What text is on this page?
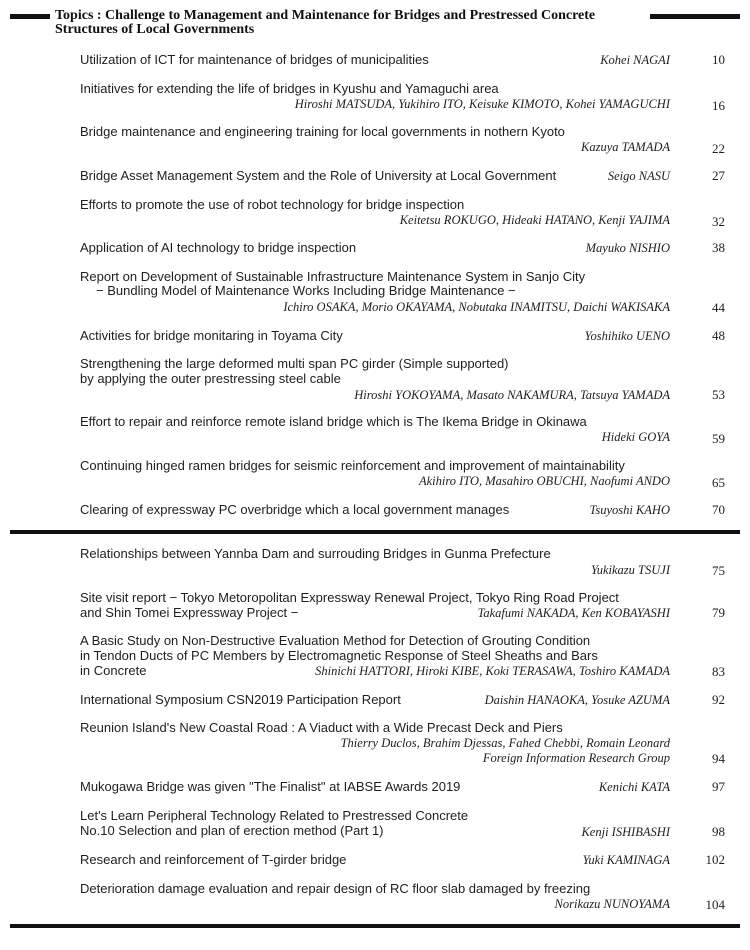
Topics : Challenge to Management and Maintenance for Bridges and Prestressed Concrete
Structures of Local Governments
Utilization of ICT for maintenance of bridges of municipalities	Kohei NAGAI	10
Initiatives for extending the life of bridges in Kyushu and Yamaguchi area
Hiroshi MATSUDA, Yukihiro ITO, Keisuke KIMOTO, Kohei YAMAGUCHI	16
Bridge maintenance and engineering training for local governments in nothern Kyoto
Kazuya TAMADA	22
Bridge Asset Management System and the Role of University at Local Government	Seigo NASU	27
Efforts to promote the use of robot technology for bridge inspection
Keitetsu ROKUGO, Hideaki HATANO, Kenji YAJIMA	32
Application of AI technology to bridge inspection	Mayuko NISHIO	38
Report on Development of Sustainable Infrastructure Maintenance System in Sanjo City
− Bundling Model of Maintenance Works Including Bridge Maintenance −
Ichiro OSAKA, Morio OKAYAMA, Nobutaka INAMITSU, Daichi WAKISAKA	44
Activities for bridge monitaring in Toyama City	Yoshihiko UENO	48
Strengthening the large deformed multi span PC girder (Simple supported)
by applying the outer prestressing steel cable
Hiroshi YOKOYAMA, Masato NAKAMURA, Tatsuya YAMADA	53
Effort to repair and reinforce remote island bridge which is The Ikema Bridge in Okinawa
Hideki GOYA	59
Continuing hinged ramen bridges for seismic reinforcement and improvement of maintainability
Akihiro ITO, Masahiro OBUCHI, Naofumi ANDO	65
Clearing of expressway PC overbridge which a local government manages	Tsuyoshi KAHO	70
Relationships between Yannba Dam and surrouding Bridges in Gunma Prefecture
Yukikazu TSUJI	75
Site visit report − Tokyo Metoropolitan Expressway Renewal Project, Tokyo Ring Road Project
and Shin Tomei Expressway Project −	Takafumi NAKADA, Ken KOBAYASHI	79
A Basic Study on Non-Destructive Evaluation Method for Detection of Grouting Condition
in Tendon Ducts of PC Members by Electromagnetic Response of Steel Sheaths and Bars
in Concrete	Shinichi HATTORI, Hiroki KIBE, Koki TERASAWA, Toshiro KAMADA	83
International Symposium CSN2019 Participation Report	Daishin HANAOKA, Yosuke AZUMA	92
Reunion Island's New Coastal Road : A Viaduct with a Wide Precast Deck and Piers
Thierry Duclos, Brahim Djessas, Fahed Chebbi, Romain Leonard
Foreign Information Research Group	94
Mukogawa Bridge was given "The Finalist" at IABSE Awards 2019	Kenichi KATA	97
Let's Learn Peripheral Technology Related to Prestressed Concrete
No.10 Selection and plan of erection method (Part 1)	Kenji ISHIBASHI	98
Research and reinforcement of T-girder bridge	Yuki KAMINAGA	102
Deterioration damage evaluation and repair design of RC floor slab damaged by freezing
Norikazu NUNOYAMA	104
